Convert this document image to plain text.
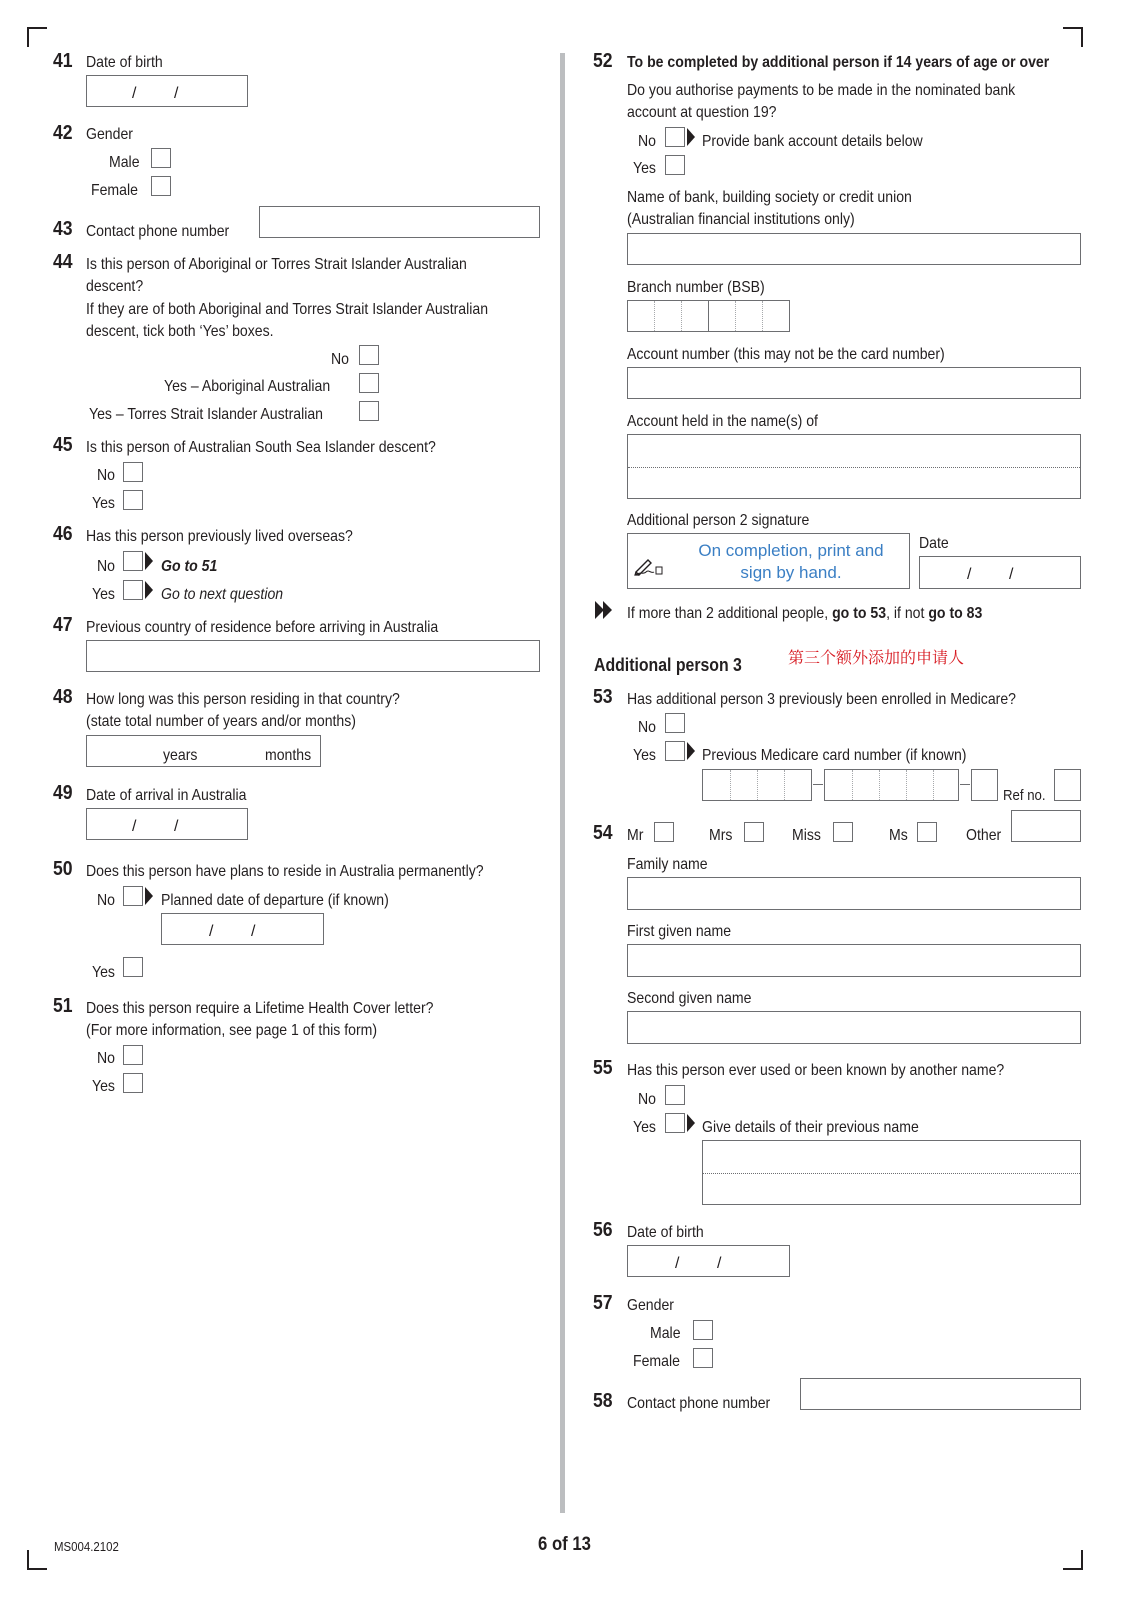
41 Date of birth
/ /
42 Gender
Male
Female
43 Contact phone number
44 Is this person of Aboriginal or Torres Strait Islander Australian
descent?
If they are of both Aboriginal and Torres Strait Islander Australian
descent, tick both ‘Yes’ boxes.
No
Yes – Aboriginal Australian
Yes – Torres Strait Islander Australian
45 Is this person of Australian South Sea Islander descent?
No
Yes
46 Has this person previously lived overseas?
No	Go to 51
Yes	Go to next question
47 Previous country of residence before arriving in Australia
48 How long was this person residing in that country?
(state total number of years and/or months)
years	months
49 Date of arrival in Australia
/ /
50 Does this person have plans to reside in Australia permanently?
No	Planned date of departure (if known)
/ /
Yes
51 Does this person require a Lifetime Health Cover letter?
(For more information, see page 1 of this form)
No
Yes
52 To be completed by additional person if 14 years of age or over
Do you authorise payments to be made in the nominated bank
account at question 19?
No	Provide bank account details below
Yes
Name of bank, building society or credit union
(Australian financial institutions only)
Branch number (BSB)
Account number (this may not be the card number)
Account held in the name(s) of
Additional person 2 signature
On completion, print and
sign by hand.
Date
/ /
If more than 2 additional people, go to 53, if not go to 83
Additional person 3	第三个额外添加的申请人
53 Has additional person 3 previously been enrolled in Medicare?
No
Yes	Previous Medicare card number (if known)
Ref no.
54 Mr	Mrs	Miss	Ms	Other
Family name
First given name
Second given name
55 Has this person ever used or been known by another name?
No
Yes	Give details of their previous name
56 Date of birth
/ /
57 Gender
Male
Female
58 Contact phone number
MS004.2102	6 of 13
